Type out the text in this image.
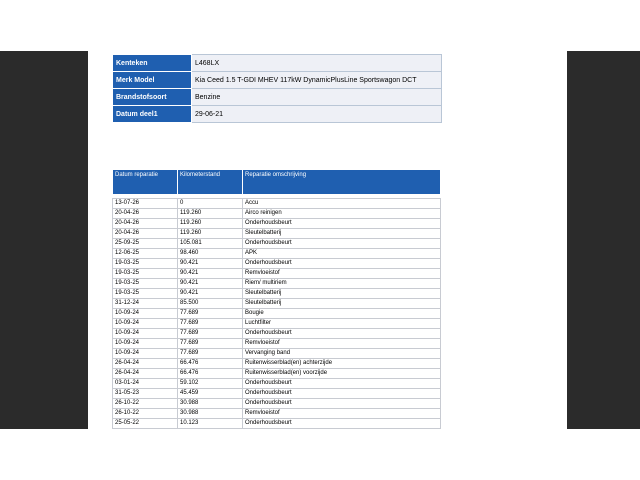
Kenteken	L468LX
Merk Model	Kia Ceed 1.5 T-GDI MHEV 117kW DynamicPlusLine Sportswagon DCT
Brandstofsoort	Benzine
Datum deel1	29-06-21
Datum reparatie	Kilometerstand	Reparatie omschrijving

13-07-26	0	Accu
20-04-26	119.260	Airco reinigen
20-04-26	119.260	Onderhoudsbeurt
20-04-26	119.260	Sleutelbatterij
25-09-25	105.081	Onderhoudsbeurt
12-06-25	98.460	APK
19-03-25	90.421	Onderhoudsbeurt
19-03-25	90.421	Remvloeistof
19-03-25	90.421	Riem/ multiriem
19-03-25	90.421	Sleutelbatterij
31-12-24	85.500	Sleutelbatterij
10-09-24	77.689	Bougie
10-09-24	77.689	Luchtfilter
10-09-24	77.689	Onderhoudsbeurt
10-09-24	77.689	Remvloeistof
10-09-24	77.689	Vervanging band
26-04-24	66.476	Ruitenwisserblad(en) achterzijde
26-04-24	66.476	Ruitenwisserblad(en) voorzijde
03-01-24	59.102	Onderhoudsbeurt
31-05-23	45.459	Onderhoudsbeurt
26-10-22	30.988	Onderhoudsbeurt
26-10-22	30.988	Remvloeistof
25-05-22	10.123	Onderhoudsbeurt
